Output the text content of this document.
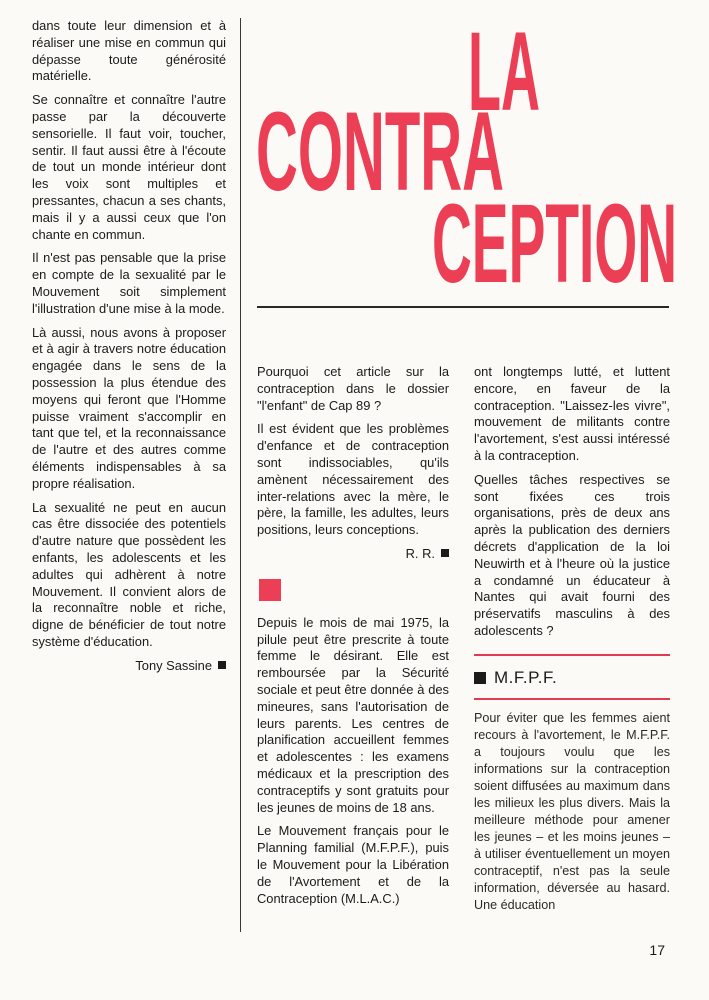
LA
CONTRA
CEPTION

dans toute leur dimension et à réaliser une mise en commun qui dépasse toute générosité matérielle.

Se connaître et connaître l'autre passe par la découverte sensorielle. Il faut voir, toucher, sentir. Il faut aussi être à l'écoute de tout un monde intérieur dont les voix sont multiples et pressantes, chacun a ses chants, mais il y a aussi ceux que l'on chante en commun.

Il n'est pas pensable que la prise en compte de la sexualité par le Mouvement soit simplement l'illustration d'une mise à la mode.

Là aussi, nous avons à proposer et à agir à travers notre éducation engagée dans le sens de la possession la plus étendue des moyens qui feront que l'Homme puisse vraiment s'accomplir en tant que tel, et la reconnaissance de l'autre et des autres comme éléments indispensables à sa propre réalisation.

La sexualité ne peut en aucun cas être dissociée des potentiels d'autre nature que possèdent les enfants, les adolescents et les adultes qui adhèrent à notre Mouvement. Il convient alors de la reconnaître noble et riche, digne de bénéficier de tout notre système d'éducation.

Tony Sassine

Pourquoi cet article sur la contraception dans le dossier "l'enfant" de Cap 89 ?

Il est évident que les problèmes d'enfance et de contraception sont indissociables, qu'ils amènent nécessairement des inter-relations avec la mère, le père, la famille, les adultes, leurs positions, leurs conceptions.

R. R.

Depuis le mois de mai 1975, la pilule peut être prescrite à toute femme le désirant. Elle est remboursée par la Sécurité sociale et peut être donnée à des mineures, sans l'autorisation de leurs parents. Les centres de planification accueillent femmes et adolescentes : les examens médicaux et la prescription des contraceptifs y sont gratuits pour les jeunes de moins de 18 ans.

Le Mouvement français pour le Planning familial (M.F.P.F.), puis le Mouvement pour la Libération de l'Avortement et de la Contraception (M.L.A.C.)

ont longtemps lutté, et luttent encore, en faveur de la contraception. "Laissez-les vivre", mouvement de militants contre l'avortement, s'est aussi intéressé à la contraception.

Quelles tâches respectives se sont fixées ces trois organisations, près de deux ans après la publication des derniers décrets d'application de la loi Neuwirth et à l'heure où la justice a condamné un éducateur à Nantes qui avait fourni des préservatifs masculins à des adolescents ?

M.F.P.F.

Pour éviter que les femmes aient recours à l'avortement, le M.F.P.F. a toujours voulu que les informations sur la contraception soient diffusées au maximum dans les milieux les plus divers. Mais la meilleure méthode pour amener les jeunes – et les moins jeunes – à utiliser éventuellement un moyen contraceptif, n'est pas la seule information, déversée au hasard. Une éducation

17
